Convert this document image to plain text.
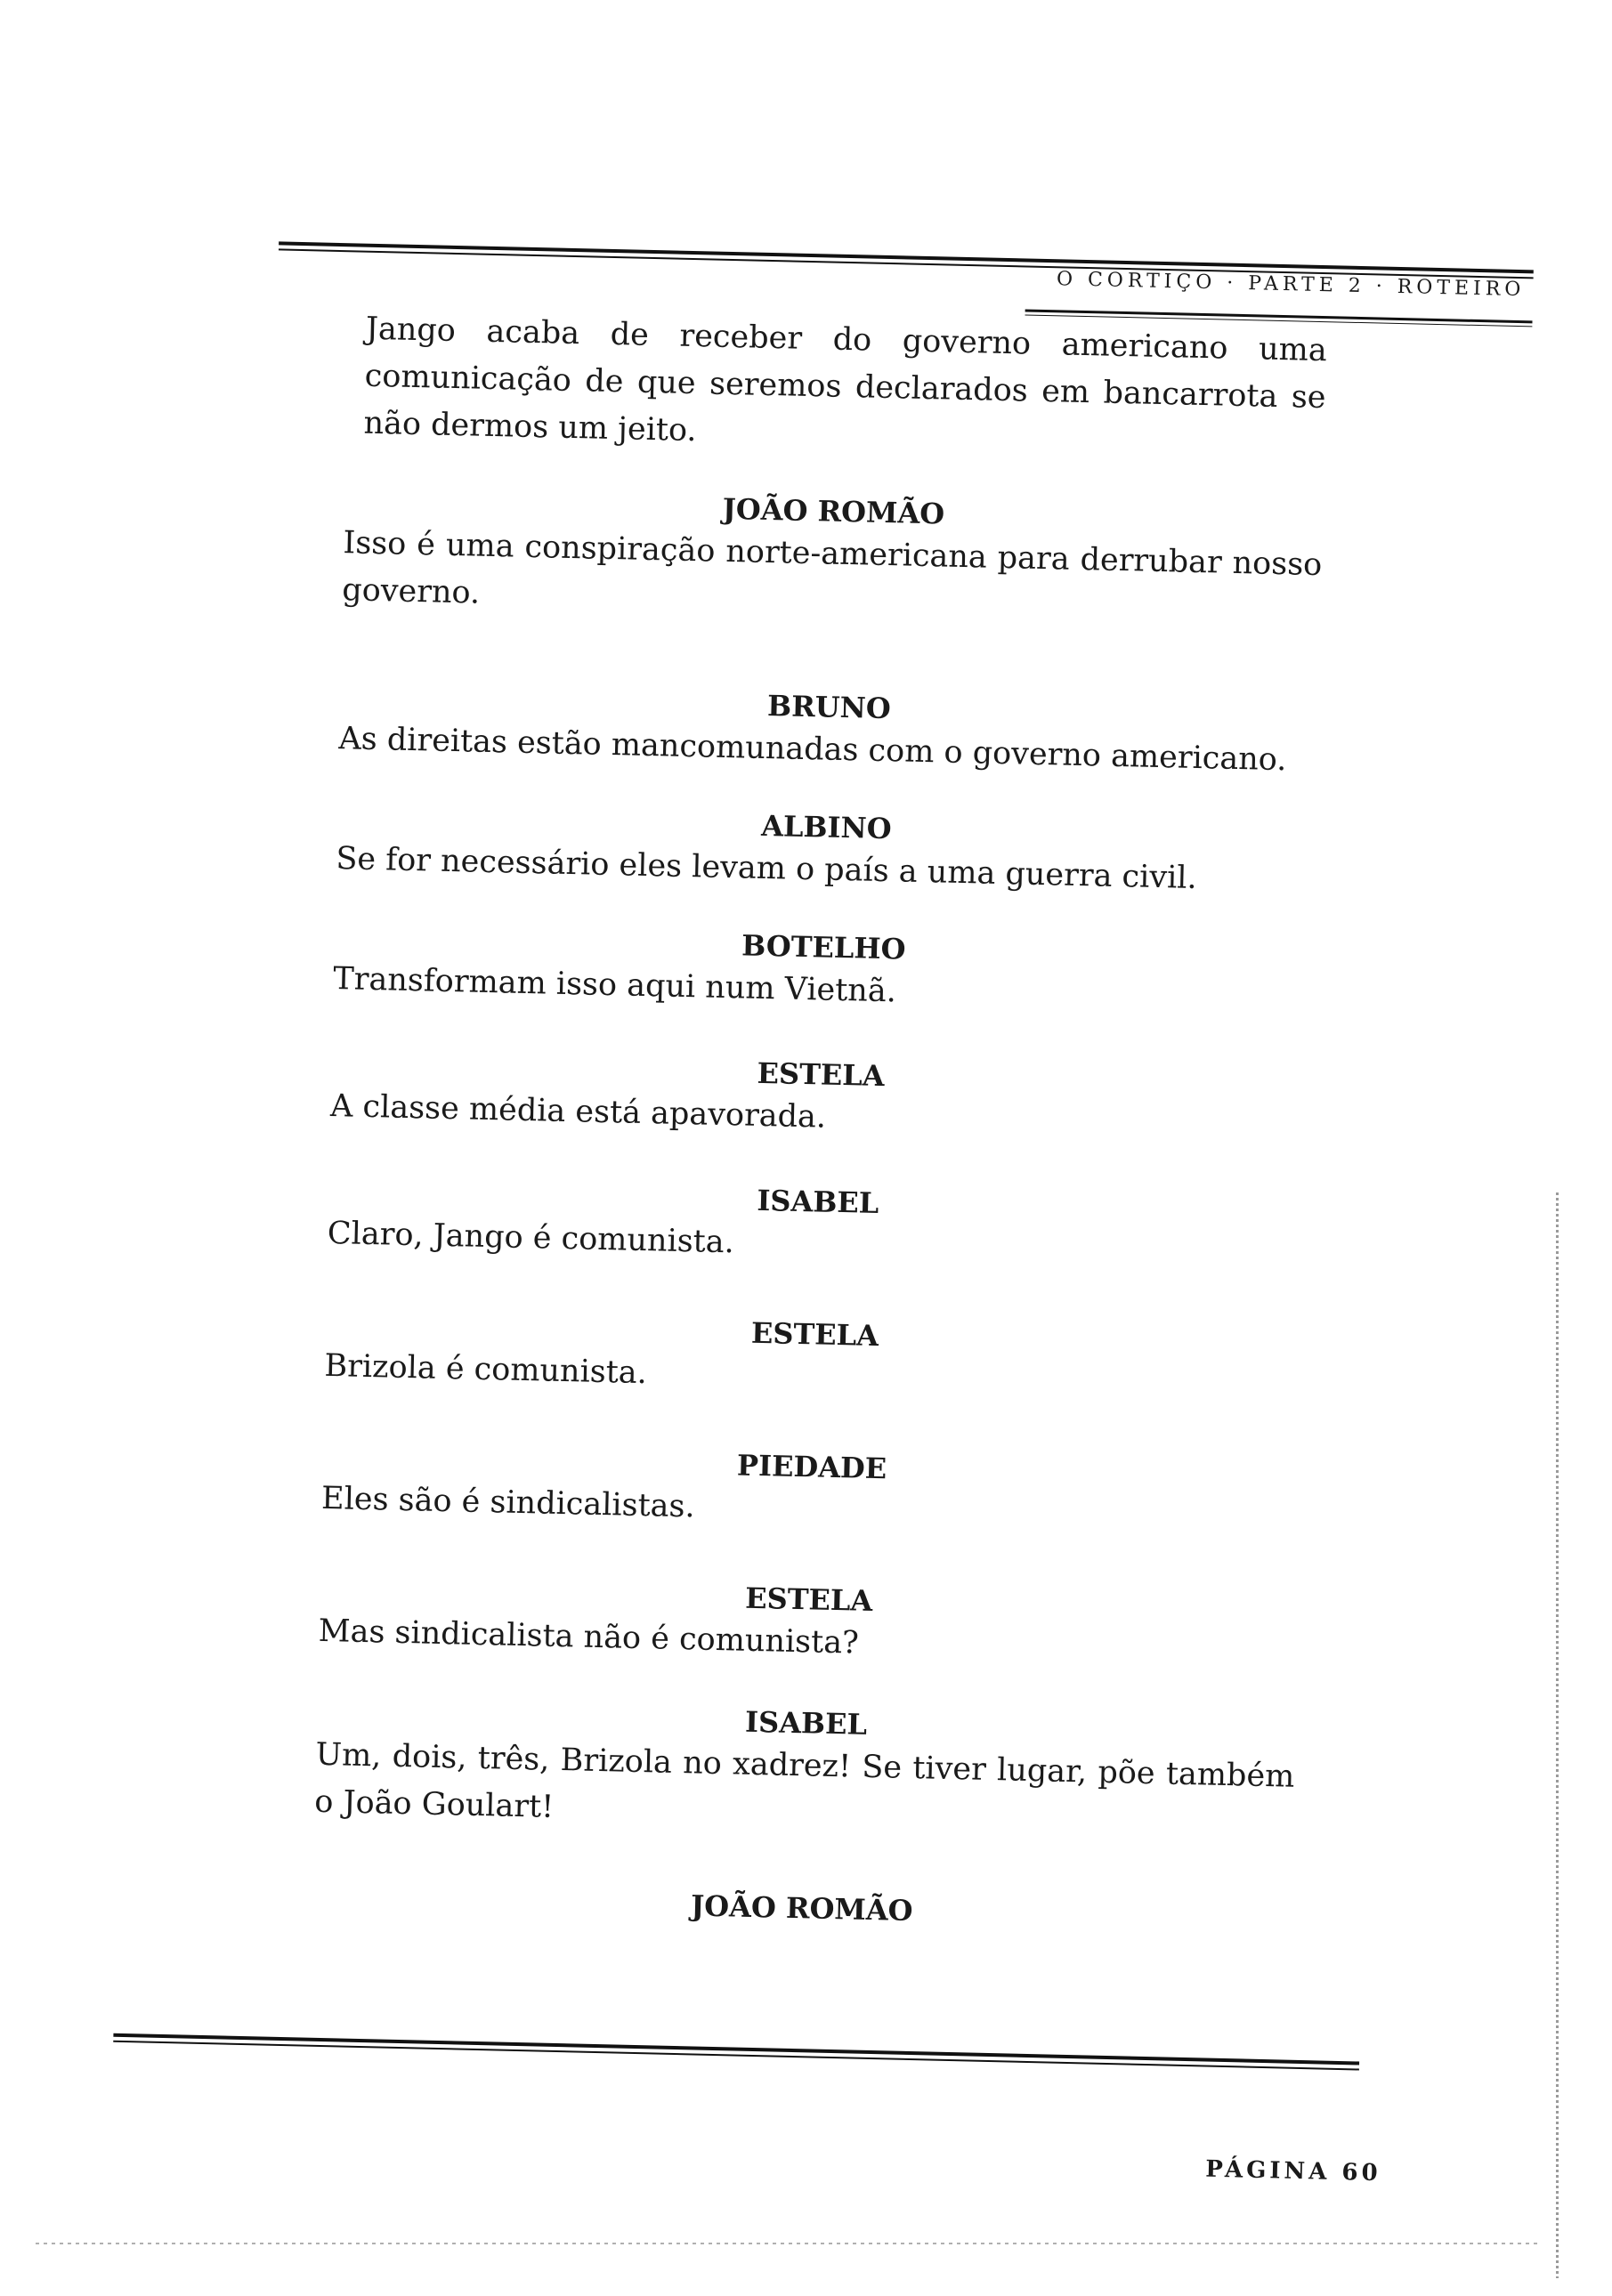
O CORTIÇO · PARTE 2 · ROTEIRO

Jango acaba de receber do governo americano uma comunicação de que seremos declarados em bancarrota se não dermos um jeito.

JOÃO ROMÃO

Isso é uma conspiração norte-americana para derrubar nosso governo.

BRUNO

As direitas estão mancomunadas com o governo americano.

ALBINO

Se for necessário eles levam o país a uma guerra civil.

BOTELHO

Transformam isso aqui num Vietnã.

ESTELA

A classe média está apavorada.

ISABEL

Claro, Jango é comunista.

ESTELA

Brizola é comunista.

PIEDADE

Eles são é sindicalistas.

ESTELA

Mas sindicalista não é comunista?

ISABEL

Um, dois, três, Brizola no xadrez! Se tiver lugar, põe também o João Goulart!

JOÃO ROMÃO

PÁGINA 60
